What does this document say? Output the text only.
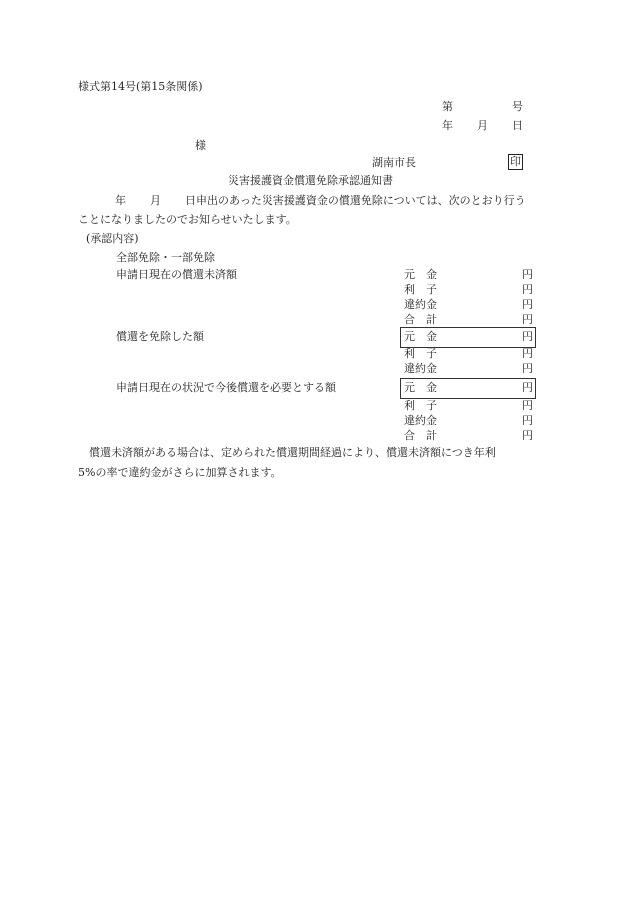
様式第14号(第15条関係)
第	号
年 月 日
様
湖南市長	印
災害援護資金償還免除承認通知書
年 月 日申出のあった災害援護資金の償還免除については、次のとおり行う
ことになりましたのでお知らせいたします。
(承認内容)
全部免除・一部免除
申請日現在の償還未済額	元　金	円
利　子	円
違約金	円
合　計	円
償還を免除した額	元　金	円
利　子	円
違約金	円
申請日現在の状況で今後償還を必要とする額	元　金	円
利　子	円
違約金	円
合　計	円
償還未済額がある場合は、定められた償還期間経過により、償還未済額につき年利
5%の率で違約金がさらに加算されます。
